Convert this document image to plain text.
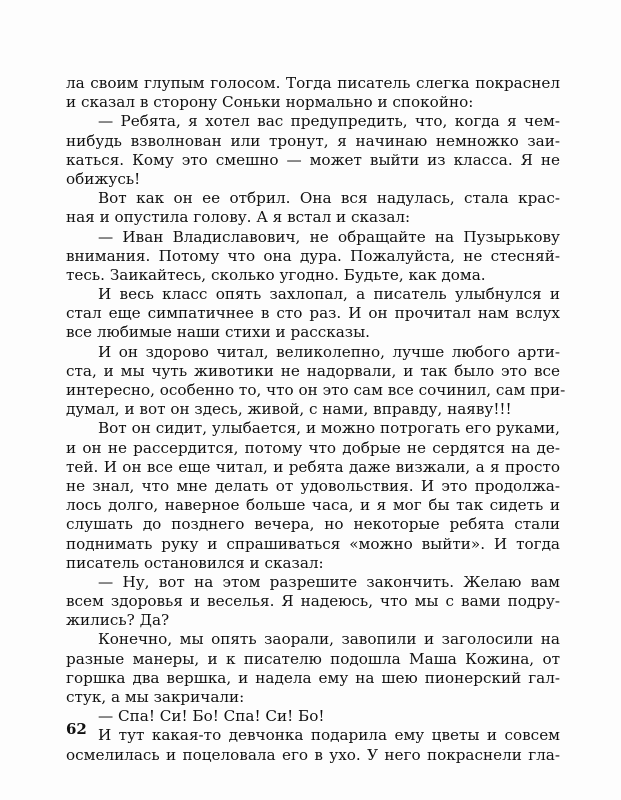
ла своим глупым голосом. Тогда писатель слегка покраснел
и сказал в сторону Соньки нормально и спокойно:
— Ребята, я хотел вас предупредить, что, когда я чем-
нибудь взволнован или тронут, я начинаю немножко заи-
каться. Кому это смешно — может выйти из класса. Я не
обижусь!
Вот как он ее отбрил. Она вся надулась, стала крас-
ная и опустила голову. А я встал и сказал:
— Иван Владиславович, не обращайте на Пузырькову
внимания. Потому что она дура. Пожалуйста, не стесняй-
тесь. Заикайтесь, сколько угодно. Будьте, как дома.
И весь класс опять захлопал, а писатель улыбнулся и
стал еще симпатичнее в сто раз. И он прочитал нам вслух
все любимые наши стихи и рассказы.
И он здорово читал, великолепно, лучше любого арти-
ста, и мы чуть животики не надорвали, и так было это все
интересно, особенно то, что он это сам все сочинил, сам при-
думал, и вот он здесь, живой, с нами, вправду, наяву!!!
Вот он сидит, улыбается, и можно потрогать его руками,
и он не рассердится, потому что добрые не сердятся на де-
тей. И он все еще читал, и ребята даже визжали, а я просто
не знал, что мне делать от удовольствия. И это продолжа-
лось долго, наверное больше часа, и я мог бы так сидеть и
слушать до позднего вечера, но некоторые ребята стали
поднимать руку и спрашиваться «можно выйти». И тогда
писатель остановился и сказал:
— Ну, вот на этом разрешите закончить. Желаю вам
всем здоровья и веселья. Я надеюсь, что мы с вами подру-
жились? Да?
Конечно, мы опять заорали, завопили и заголосили на
разные манеры, и к писателю подошла Маша Кожина, от
горшка два вершка, и надела ему на шею пионерский гал-
стук, а мы закричали:
— Спа! Си! Бо! Спа! Си! Бо!
И тут какая-то девчонка подарила ему цветы и совсем
осмелилась и поцеловала его в ухо. У него покраснели гла-
62
